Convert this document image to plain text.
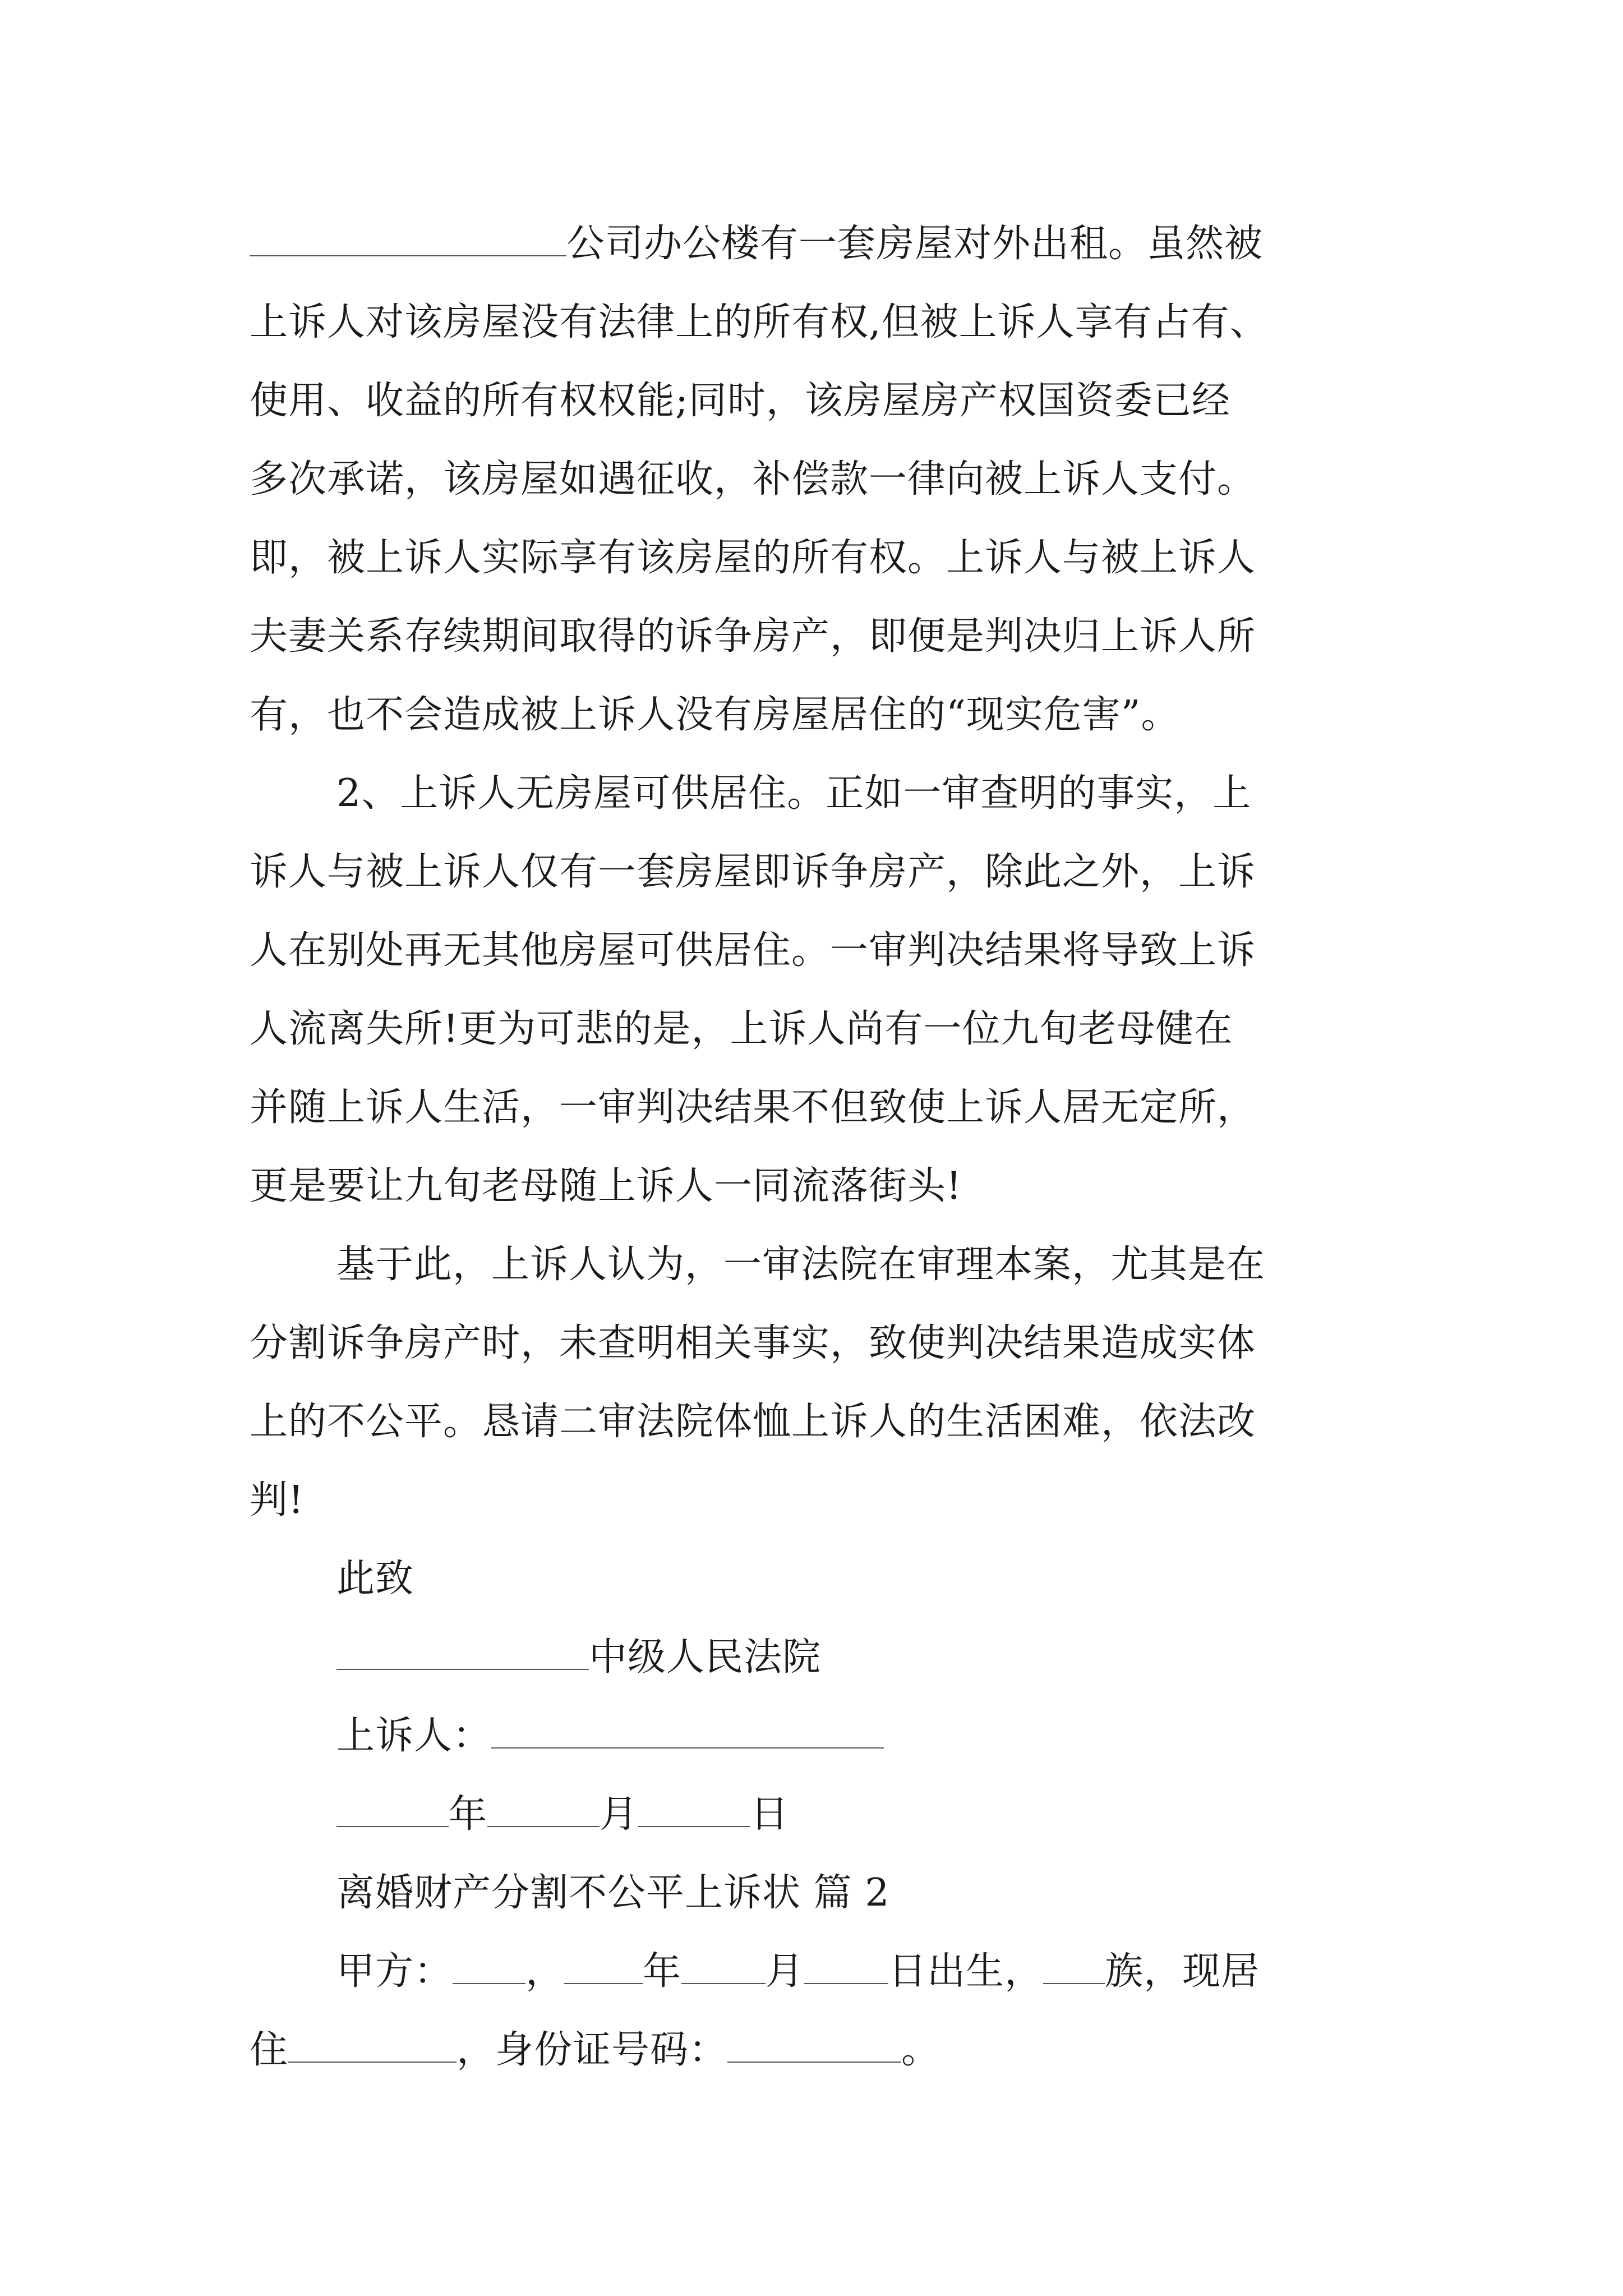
公司办公楼有一套房屋对外出租。虽然被
上诉人对该房屋没有法律上的所有权,但被上诉人享有占有、
使用、收益的所有权权能;同时，该房屋房产权国资委已经
多次承诺，该房屋如遇征收，补偿款一律向被上诉人支付。
即，被上诉人实际享有该房屋的所有权。上诉人与被上诉人
夫妻关系存续期间取得的诉争房产，即便是判决归上诉人所
有，也不会造成被上诉人没有房屋居住的“现实危害”。
2、上诉人无房屋可供居住。正如一审查明的事实，上
诉人与被上诉人仅有一套房屋即诉争房产，除此之外，上诉
人在别处再无其他房屋可供居住。一审判决结果将导致上诉
人流离失所!更为可悲的是，上诉人尚有一位九旬老母健在
并随上诉人生活，一审判决结果不但致使上诉人居无定所，
更是要让九旬老母随上诉人一同流落街头!
基于此，上诉人认为，一审法院在审理本案，尤其是在
分割诉争房产时，未查明相关事实，致使判决结果造成实体
上的不公平。恳请二审法院体恤上诉人的生活困难，依法改
判!
此致
中级人民法院
上诉人：
年	月	日
离婚财产分割不公平上诉状 篇 2
甲方： ， 年 月 日出生， 族，现居
住	，身份证号码：	。
